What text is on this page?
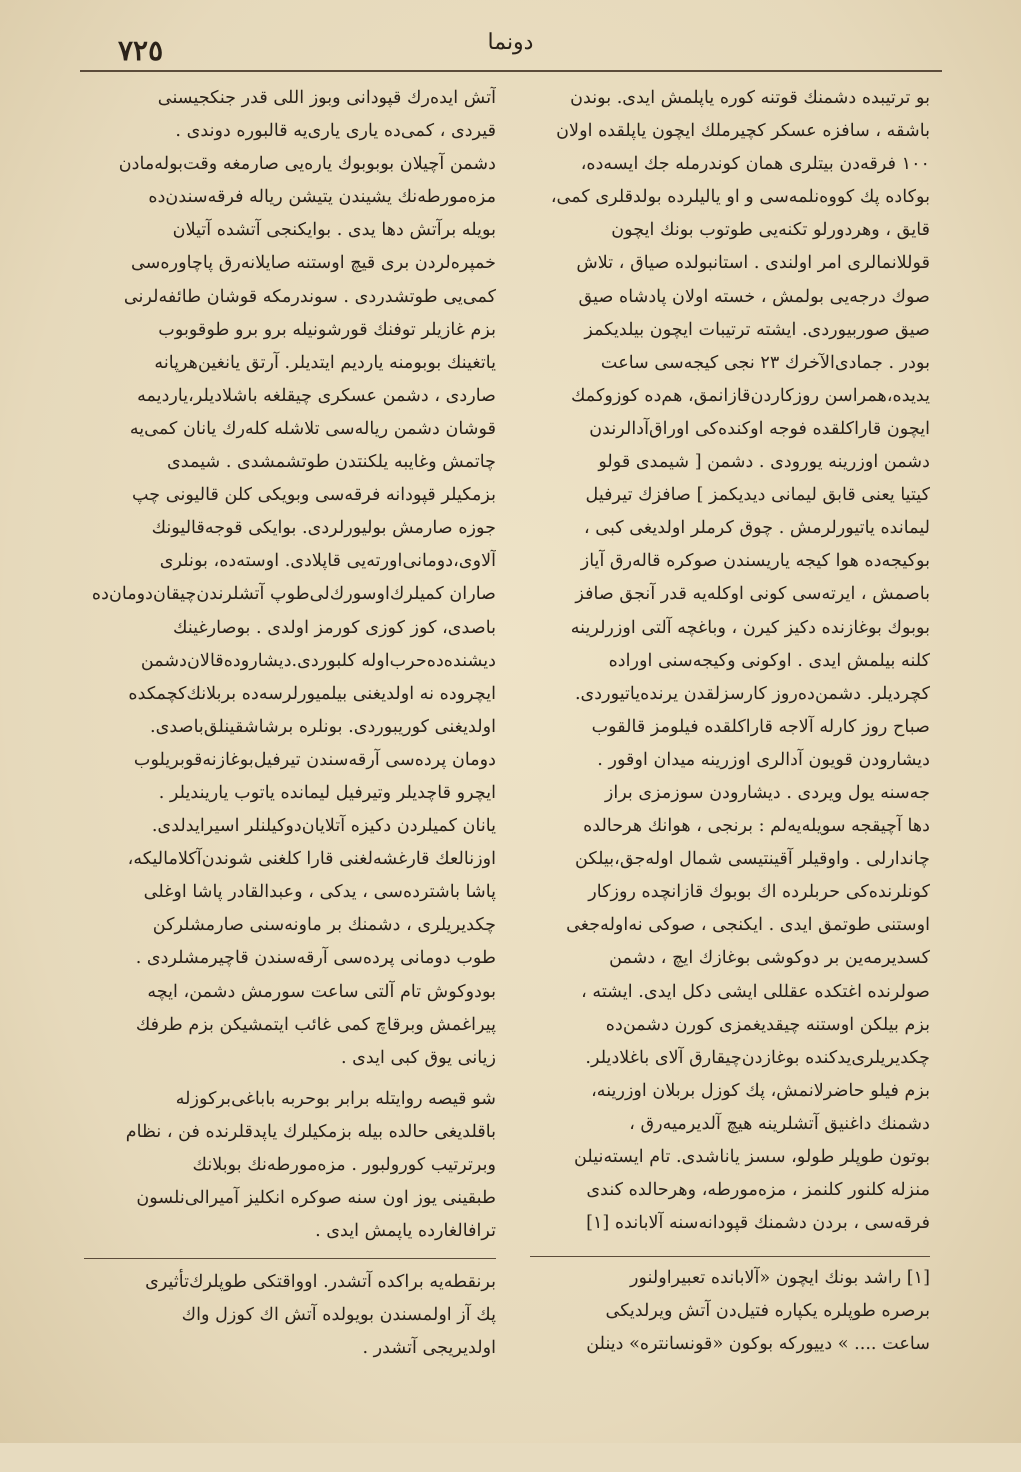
٧٢٥	دونما
بو ترتیبده دشمنك قوتنه كوره یاپلمش ایدی. بوندن
باشقه ، سافزه عسكر كچیرملك ایچون یاپلقده اولان
١٠٠ فرقه‌دن بیتلری همان كوندرمله جك ایسه‌ده،
بوكاده پك كووه‌نلمه‌سی و او یالیلرده بولدقلری كمی،
قایق ، وهردورلو تكنه‌یی طوتوب بونك ایچون
قوللانمالری امر اولندی . استانبولده صیاق ، تلاش
صوك درجه‌یی بولمش ، خسته اولان پادشاه صیق
صیق صوربیوردی. ایشته ترتیبات ایچون بیلدیكمز
بودر . جمادی‌الآخرك ٢٣ نجی كیجه‌سی ساعت
یدیده،همراسن روزكاردن‌قازانمق، هم‌ده كوزوكمك
ایچون قاراكلقده فوجه اوكنده‌كی اوراق‌آدالرندن
دشمن اوزرینه یورودی . دشمن [ شیمدی قولو
كیتیا یعنی قابق لیمانی دیدیكمز ] صافزك تیرفیل
لیمانده یاتیورلرمش . چوق كرملر اولدیغی كبی ،
بوكیجه‌ده هوا كیجه یاریسندن صوكره قاله‌رق آیاز
باصمش ، ایرته‌سی كونی اوكلەیه قدر آنجق صافز
بوبوك بوغازنده دكیز كیرن ، وباغچه آلتی اوزرلرینه
كلنه بیلمش ایدی . اوكونی وكیجه‌سنی اوراده
كچردیلر. دشمن‌ده‌روز كارسزلقدن یرنده‌یاتیوردی.
صباح روز كارله آلاجه قاراكلقده فیلومز قالقوب
دیشارودن قویون آدالری اوزرینه میدان اوقور .
جه‌سنه یول ویردی . دیشارودن سوزمزی براز
دها آچیقجه سویله‌یه‌لم : برنجی ، هوانك هرحالده
چاندارلی . واوقیلر آقینتیسی شمال اوله‌جق،بیلكن
كونلرنده‌كی حربلرده اك بوبوك قازانچده روزكار
اوستنی طوتمق ایدی . ایكنجی ، صوكی نه‌اوله‌جغی
كسدیرمه‌ین بر دوكوشی بوغازك ایچ ، دشمن
صولرنده اغتكده عقللی ایشی دكل ایدی. ایشته ،
بزم بیلكن اوستنه چیقدیغمزی كورن دشمن‌ده
چكدیریلری‌یدكنده بوغازدن‌چیقارق آلای باغلادیلر.
بزم فیلو حاضرلانمش، پك كوزل بربلان اوزرینه،
دشمنك داغنیق آتشلرینه هیچ آلدیرمیه‌رق ،
بوتون طوپلر طولو، سسز یاناشدی. تام ایسته‌نیلن
منزله كلنور كلنمز ، مزه‌مورطه، وهرحالده كندی
فرقه‌سی ، بردن دشمنك قپودانه‌سنه آلابانده [١]
[١] راشد بونك ایچون «آلابانده تعبیراولنور
برصره طوپلره یكپاره فتیل‌دن آتش ویرلدیكی
ساعت .... » دییوركه بوكون «قونسانتره» دینلن
آتش ایده‌رك قپودانی وبوز اللی قدر جنكجیسنی
قیردی ، كمی‌ده یاری یاری‌یه قالبوره دوندی .
دشمن آچیلان بوبوبوك یاره‌یی صارمغه وقت‌بوله‌مادن
مزه‌مورطه‌نك یشیندن یتیشن ریاله فرقه‌سندن‌ده
بویله برآتش دها یدی . بوایكنجی آتشده آتیلان
خمپره‌لردن بری قیچ اوستنه صایلانه‌رق پاچاوره‌سی
كمی‌یی طوتشدردی . سوندرمكه قوشان طائفه‌لرنی
بزم غازیلر توفنك قورشونیله برو برو طوقوبوب
یاتغینك بوبومنه یاردیم ایتدیلر. آرتق یانغین‌هرپانه
صاردی ، دشمن عسكری چیقلغه باشلادیلر،یاردیمه
قوشان دشمن ریاله‌سی تلاشله كلەرك یانان كمی‌یه
چاتمش وغایبه یلكنتدن طوتشمشدی . شیمدی
بزمكیلر قپودانه فرقه‌سی وبویكی كلن قالیونی چپ
جوزه صارمش بولیورلردی. بوایكی قوجه‌قالیونك
آلاوی،دومانی‌اورته‌یی قاپلادی. اوسته‌ده، بونلری
صاران كمیلرك‌اوسورك‌لی‌طوپ آتشلرندن‌چیقان‌دومان‌ده
باصدی، كوز كوزی كورمز اولدی . بوصارغینك
دیشنده‌ده‌حرب‌اوله كلبوردی.دیشارودە‌قالان‌دشمن
ایچرو‌ده نه اولدیغنی بیلمیورلرسه‌ده بربلانك‌كچمكده
اولدیغنی كوریبوردی. بونلره برشاشقینلق‌باصدی.
دومان پرده‌سی آرقه‌سندن تیرفیل‌بوغازنه‌قوبریلوب
ایچرو قاچدیلر وتیرفیل لیمانده یاتوب یاریندیلر .
یانان كمیلردن دكیزه آتلایان‌دوكیلنلر اسیرایدلدی.
اوزنالعك قارغشه‌لغنی قارا كلغنی شوندن‌آكلامالیكه،
پاشا باشترده‌سی ، یدكی ، وعبدالقادر پاشا اوغلی
چكدیریلری ، دشمنك بر ماونه‌سنی صارمشلركن
طوب دومانی پرده‌سی آرقه‌سندن قاچیرمشلردی .
بودوكوش تام آلتی ساعت سورمش دشمن، ایچه
پیراغمش وبرقاچ كمی غائب ایتمشیكن بزم طرفك
زیانی یوق كبی ایدی .
شو قیصه روایتله برابر بوحربه باباغی‌بركوزله
باقلدیغی حالده بیله بزمكیلرك یاپدقلرنده فن ، نظام
وبرترتیب كورولبور . مزه‌مورطه‌نك بوبلانك
طبقینی یوز اون سنه صوكره انكلیز آمیرالی‌نلسون
ترافالغارده یاپمش ایدی .
برنقطه‌یه براكده آتشدر. اوواقتكی طوپلرك‌تأثیری
پك آز اولمسندن بویولده آتش اك كوزل واك
اولدیریجی آتشدر .
